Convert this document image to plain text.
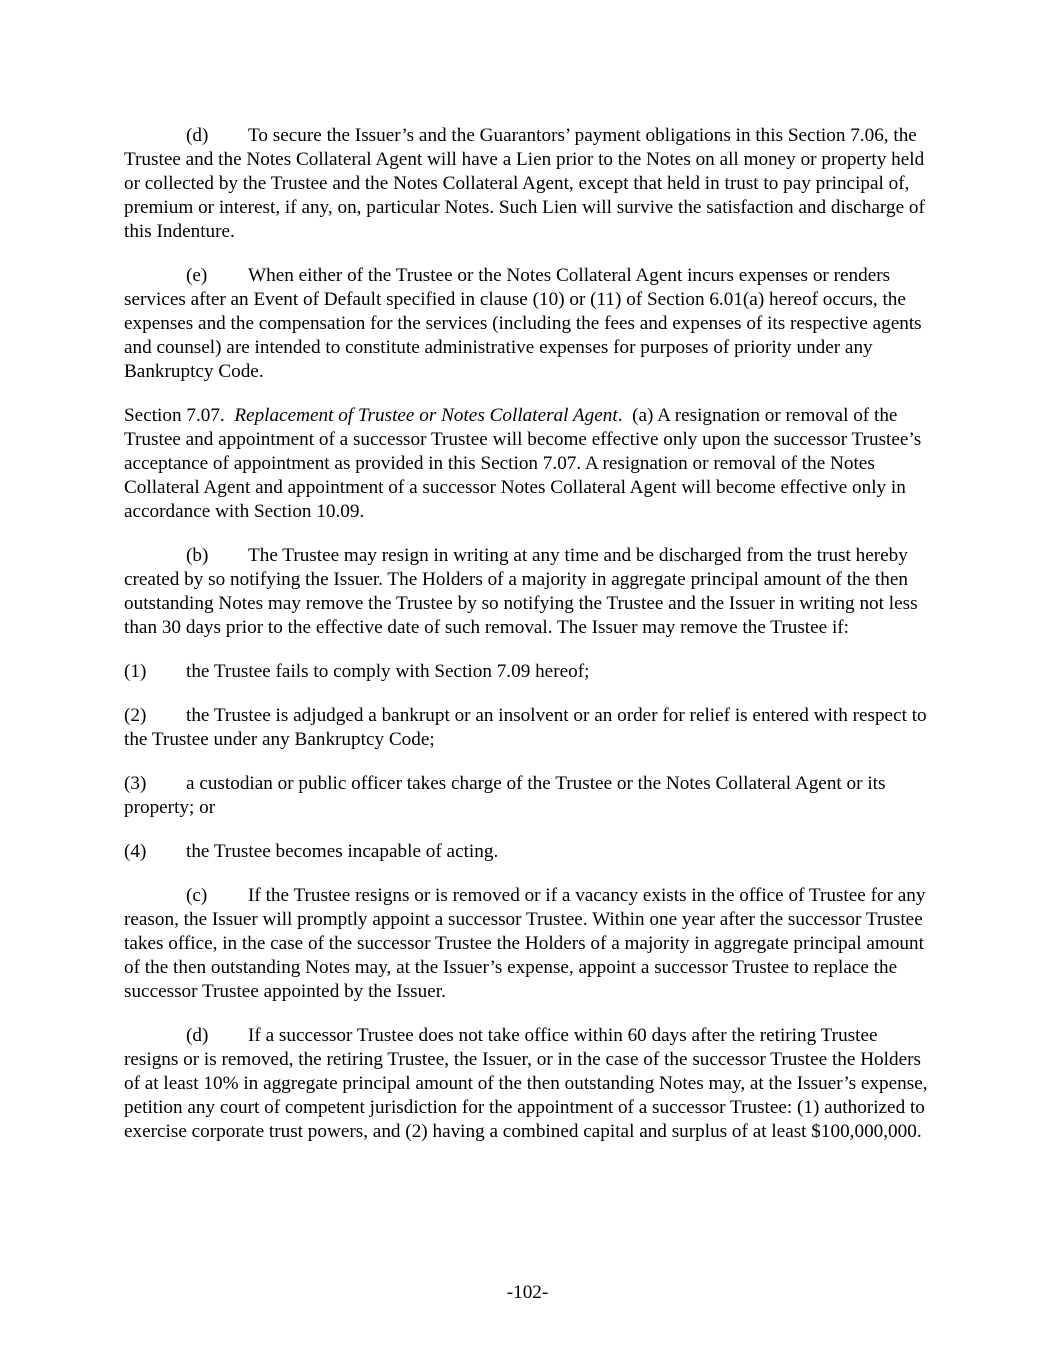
(d) To secure the Issuer’s and the Guarantors’ payment obligations in this Section 7.06, the Trustee and the Notes Collateral Agent will have a Lien prior to the Notes on all money or property held or collected by the Trustee and the Notes Collateral Agent, except that held in trust to pay principal of, premium or interest, if any, on, particular Notes. Such Lien will survive the satisfaction and discharge of this Indenture.

(e) When either of the Trustee or the Notes Collateral Agent incurs expenses or renders services after an Event of Default specified in clause (10) or (11) of Section 6.01(a) hereof occurs, the expenses and the compensation for the services (including the fees and expenses of its respective agents and counsel) are intended to constitute administrative expenses for purposes of priority under any Bankruptcy Code.

Section 7.07. Replacement of Trustee or Notes Collateral Agent. (a) A resignation or removal of the Trustee and appointment of a successor Trustee will become effective only upon the successor Trustee’s acceptance of appointment as provided in this Section 7.07. A resignation or removal of the Notes Collateral Agent and appointment of a successor Notes Collateral Agent will become effective only in accordance with Section 10.09.

(b) The Trustee may resign in writing at any time and be discharged from the trust hereby created by so notifying the Issuer. The Holders of a majority in aggregate principal amount of the then outstanding Notes may remove the Trustee by so notifying the Trustee and the Issuer in writing not less than 30 days prior to the effective date of such removal. The Issuer may remove the Trustee if:

(1) the Trustee fails to comply with Section 7.09 hereof;

(2) the Trustee is adjudged a bankrupt or an insolvent or an order for relief is entered with respect to the Trustee under any Bankruptcy Code;

(3) a custodian or public officer takes charge of the Trustee or the Notes Collateral Agent or its property; or

(4) the Trustee becomes incapable of acting.

(c) If the Trustee resigns or is removed or if a vacancy exists in the office of Trustee for any reason, the Issuer will promptly appoint a successor Trustee. Within one year after the successor Trustee takes office, in the case of the successor Trustee the Holders of a majority in aggregate principal amount of the then outstanding Notes may, at the Issuer’s expense, appoint a successor Trustee to replace the successor Trustee appointed by the Issuer.

(d) If a successor Trustee does not take office within 60 days after the retiring Trustee resigns or is removed, the retiring Trustee, the Issuer, or in the case of the successor Trustee the Holders of at least 10% in aggregate principal amount of the then outstanding Notes may, at the Issuer’s expense, petition any court of competent jurisdiction for the appointment of a successor Trustee: (1) authorized to exercise corporate trust powers, and (2) having a combined capital and surplus of at least $100,000,000.

-102-
